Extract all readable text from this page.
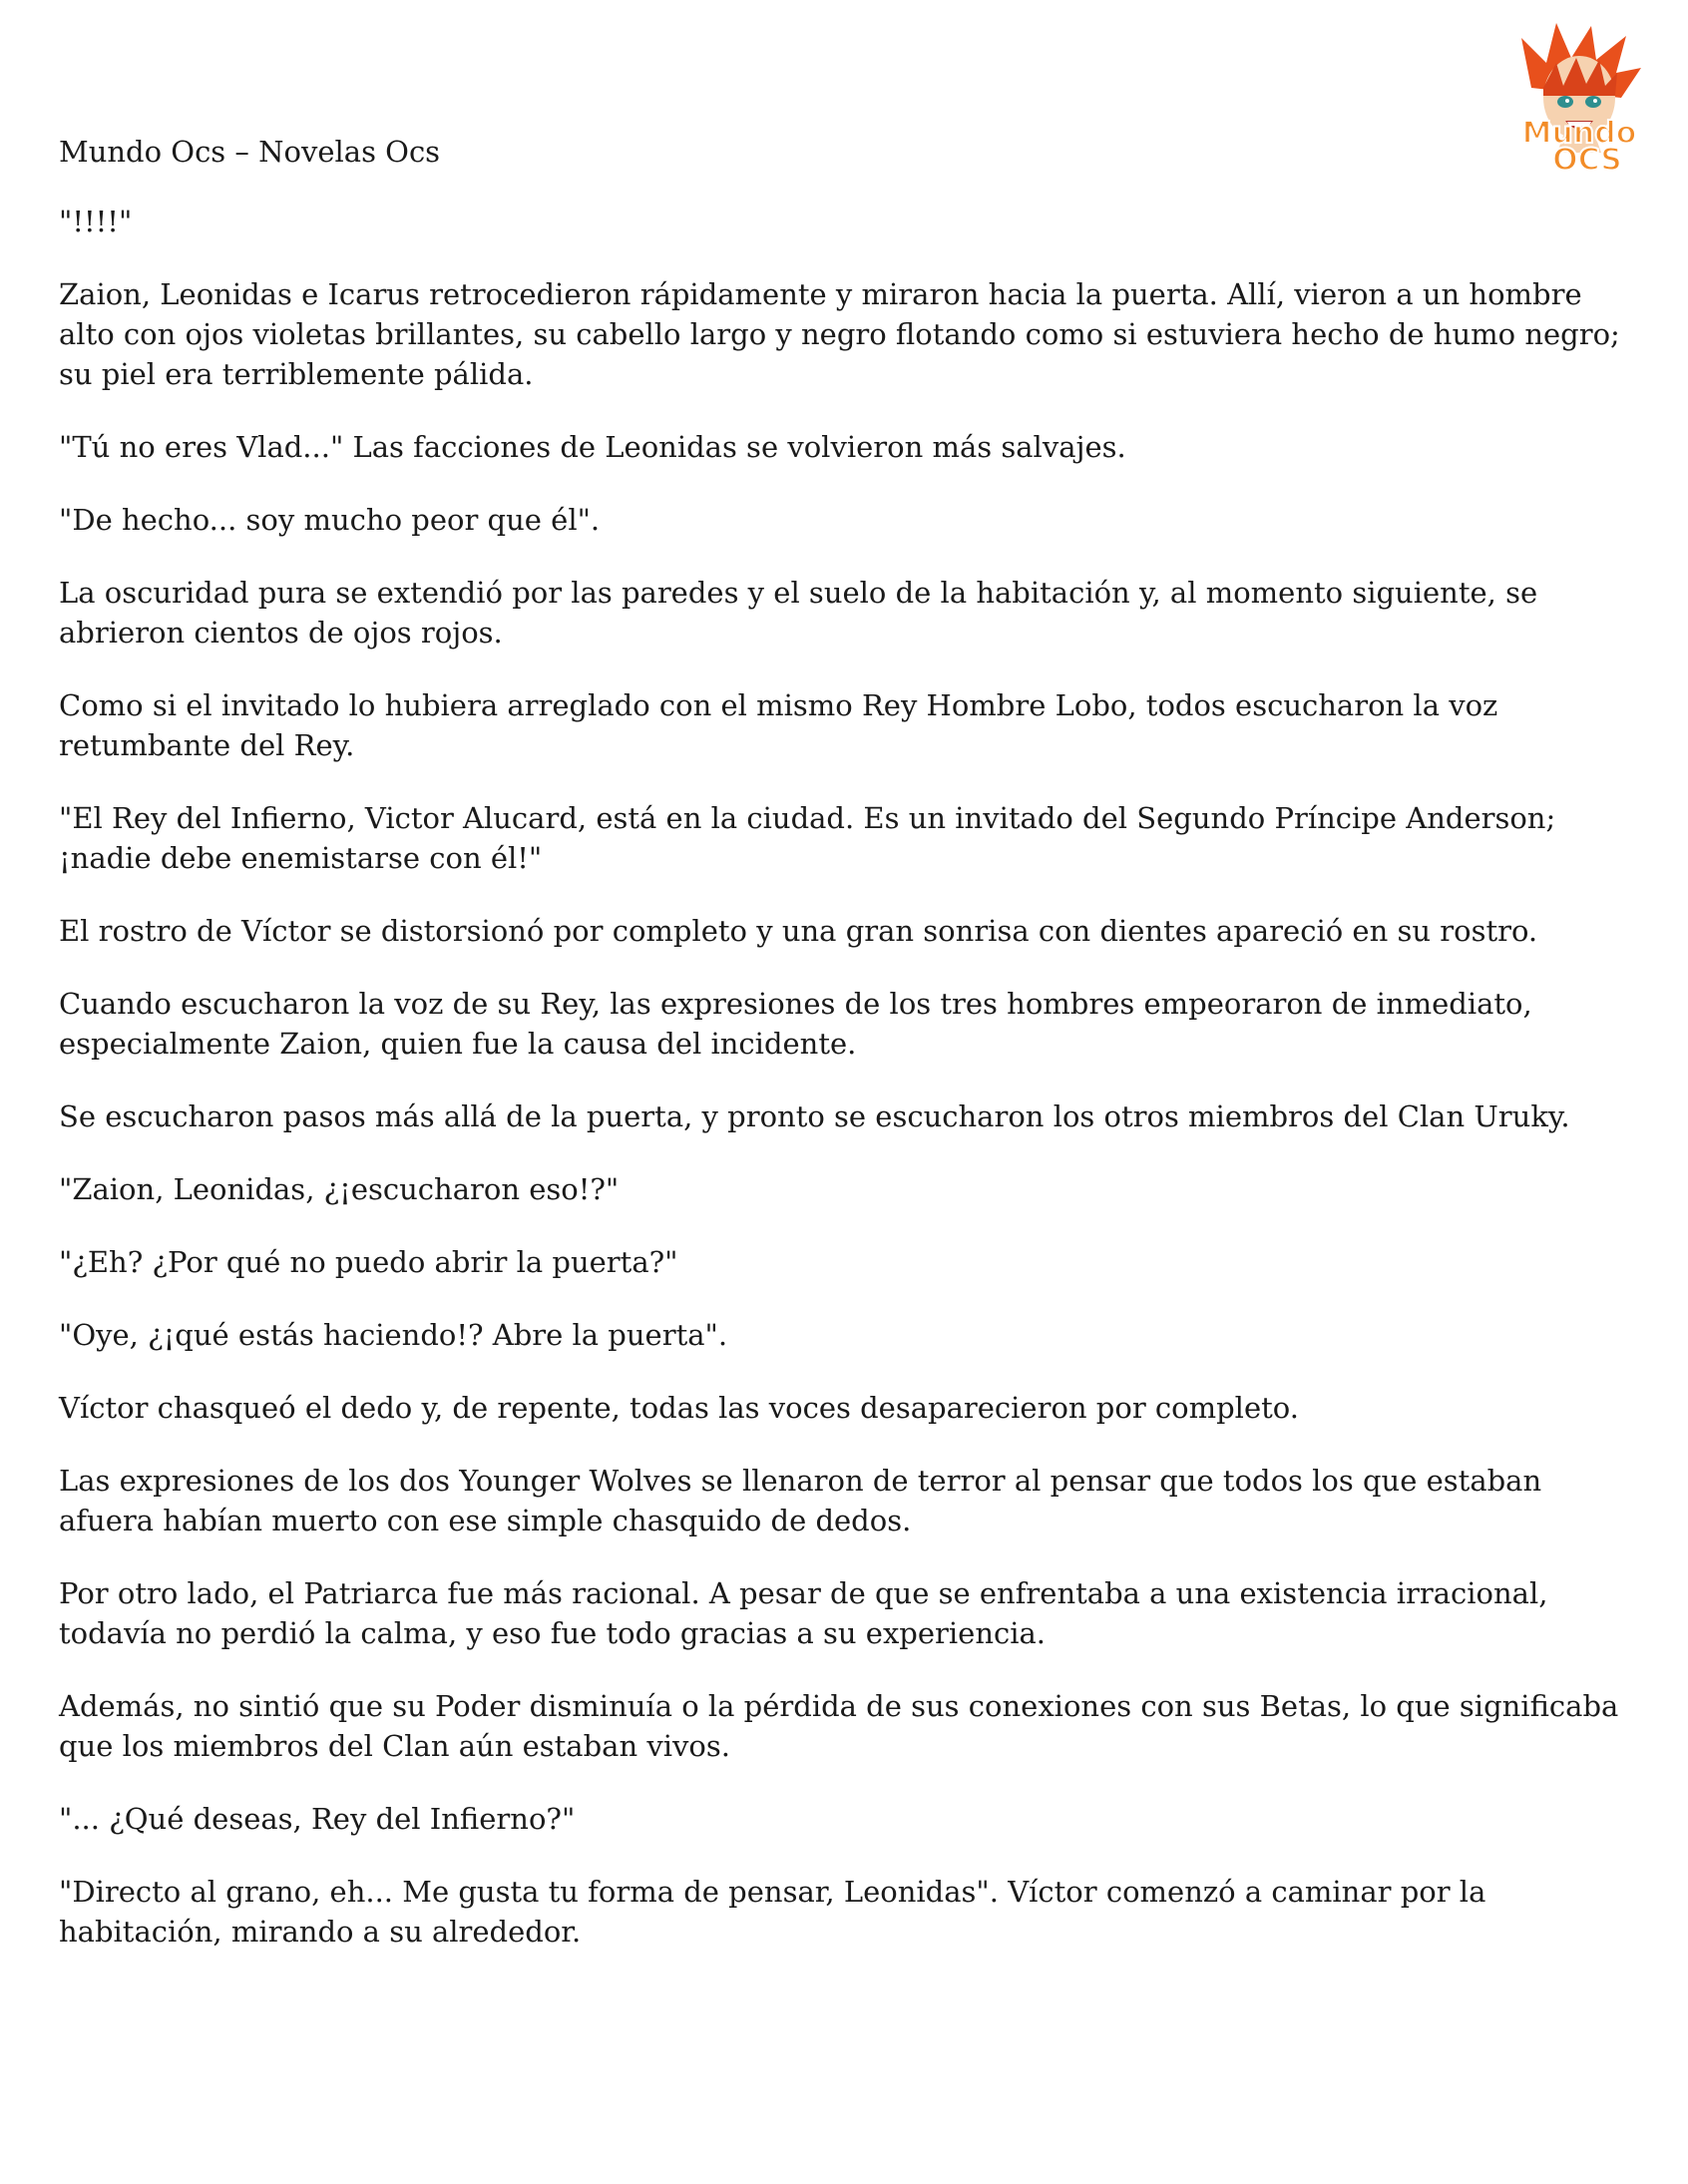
Mundo
OCS
Mundo Ocs – Novelas Ocs

"!!!!"

Zaion, Leonidas e Icarus retrocedieron rápidamente y miraron hacia la puerta. Allí, vieron a un hombre alto con ojos violetas brillantes, su cabello largo y negro flotando como si estuviera hecho de humo negro; su piel era terriblemente pálida.

"Tú no eres Vlad..." Las facciones de Leonidas se volvieron más salvajes.

"De hecho... soy mucho peor que él".

La oscuridad pura se extendió por las paredes y el suelo de la habitación y, al momento siguiente, se abrieron cientos de ojos rojos.

Como si el invitado lo hubiera arreglado con el mismo Rey Hombre Lobo, todos escucharon la voz retumbante del Rey.

"El Rey del Infierno, Victor Alucard, está en la ciudad. Es un invitado del Segundo Príncipe Anderson; ¡nadie debe enemistarse con él!"

El rostro de Víctor se distorsionó por completo y una gran sonrisa con dientes apareció en su rostro.

Cuando escucharon la voz de su Rey, las expresiones de los tres hombres empeoraron de inmediato, especialmente Zaion, quien fue la causa del incidente.

Se escucharon pasos más allá de la puerta, y pronto se escucharon los otros miembros del Clan Uruky.

"Zaion, Leonidas, ¿¡escucharon eso!?"

"¿Eh? ¿Por qué no puedo abrir la puerta?"

"Oye, ¿¡qué estás haciendo!? Abre la puerta".

Víctor chasqueó el dedo y, de repente, todas las voces desaparecieron por completo.

Las expresiones de los dos Younger Wolves se llenaron de terror al pensar que todos los que estaban afuera habían muerto con ese simple chasquido de dedos.

Por otro lado, el Patriarca fue más racional. A pesar de que se enfrentaba a una existencia irracional, todavía no perdió la calma, y eso fue todo gracias a su experiencia.

Además, no sintió que su Poder disminuía o la pérdida de sus conexiones con sus Betas, lo que significaba que los miembros del Clan aún estaban vivos.

"... ¿Qué deseas, Rey del Infierno?"

"Directo al grano, eh... Me gusta tu forma de pensar, Leonidas". Víctor comenzó a caminar por la habitación, mirando a su alrededor.
